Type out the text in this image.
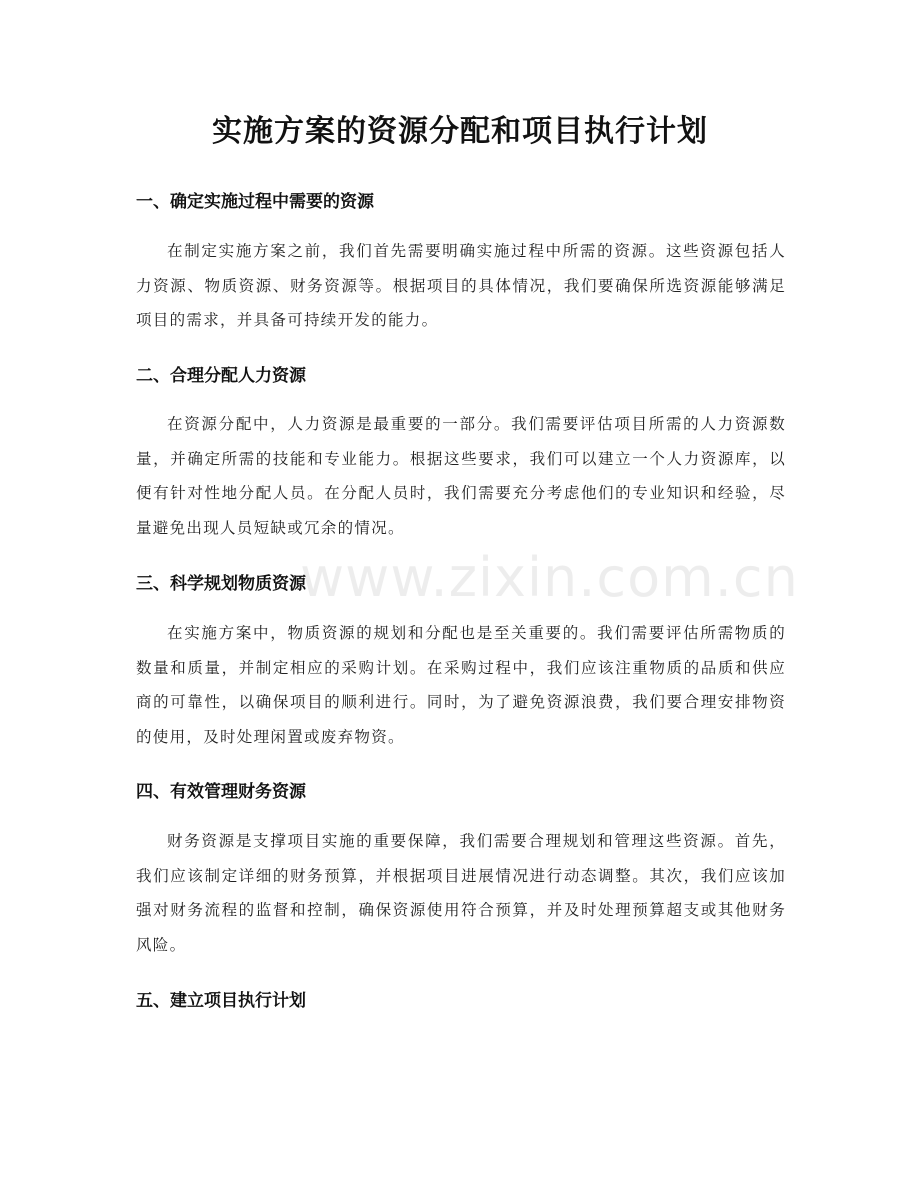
实施方案的资源分配和项目执行计划
一、确定实施过程中需要的资源

在制定实施方案之前，我们首先需要明确实施过程中所需的资源。这些资源包括人力资源、物质资源、财务资源等。根据项目的具体情况，我们要确保所选资源能够满足项目的需求，并具备可持续开发的能力。

二、合理分配人力资源

在资源分配中，人力资源是最重要的一部分。我们需要评估项目所需的人力资源数量，并确定所需的技能和专业能力。根据这些要求，我们可以建立一个人力资源库，以便有针对性地分配人员。在分配人员时，我们需要充分考虑他们的专业知识和经验，尽量避免出现人员短缺或冗余的情况。

三、科学规划物质资源

在实施方案中，物质资源的规划和分配也是至关重要的。我们需要评估所需物质的数量和质量，并制定相应的采购计划。在采购过程中，我们应该注重物质的品质和供应商的可靠性，以确保项目的顺利进行。同时，为了避免资源浪费，我们要合理安排物资的使用，及时处理闲置或废弃物资。

四、有效管理财务资源

财务资源是支撑项目实施的重要保障，我们需要合理规划和管理这些资源。首先，我们应该制定详细的财务预算，并根据项目进展情况进行动态调整。其次，我们应该加强对财务流程的监督和控制，确保资源使用符合预算，并及时处理预算超支或其他财务风险。

五、建立项目执行计划
www.zixin.com.cn
